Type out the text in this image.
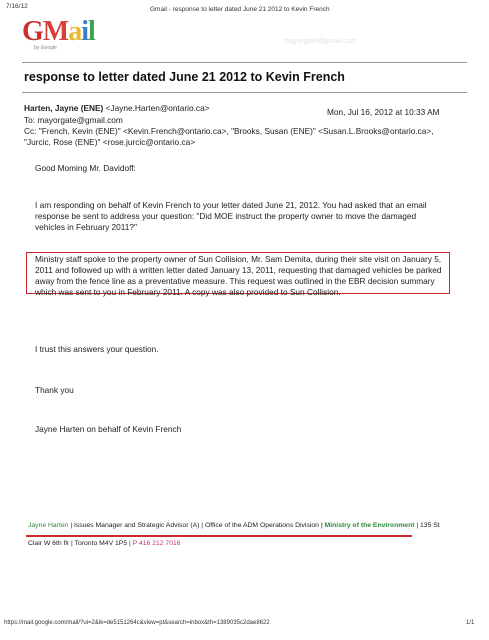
7/16/12	Gmail - response to letter dated June 21 2012 to Kevin French
GMail
by Google
mayorgate@gmail.com
response to letter dated June 21 2012 to Kevin French
Harten, Jayne (ENE) <Jayne.Harten@ontario.ca>	Mon, Jul 16, 2012 at 10:33 AM
To: mayorgate@gmail.com
Cc: "French, Kevin (ENE)" <Kevin.French@ontario.ca>, "Brooks, Susan (ENE)" <Susan.L.Brooks@ontario.ca>,
"Jurcic, Rose (ENE)" <rose.jurcic@ontario.ca>
Good Moming Mr. Davidoff:
I am responding on behalf of Kevin French to your letter dated June 21, 2012. You had asked that an email response be sent to address your question: "Did MOE instruct the property owner to move the damaged vehicles in February 2011?"
Ministry staff spoke to the property owner of Sun Collision, Mr. Sam Demita, during their site visit on January 5, 2011 and followed up with a written letter dated January 13, 2011, requesting that damaged vehicles be parked away from the fence line as a preventative measure. This request was outlined in the EBR decision summary which was sent to you in February 2011. A copy was also provided to Sun Collision.
I trust this answers your question.
Thank you
Jayne Harten on behalf of Kevin French
Jayne Harten | Issues Manager and Strategic Advisor (A) | Office of the ADM Operations Division | Ministry of the Environment | 135 St
Clair W 6th flr | Toronto M4V 1P5 | P 416 212 7016
https://mail.google.com/mail/?ui=2&ik=de5151264c&view=pt&search=inbox&th=1389035c2dae8622	1/1
